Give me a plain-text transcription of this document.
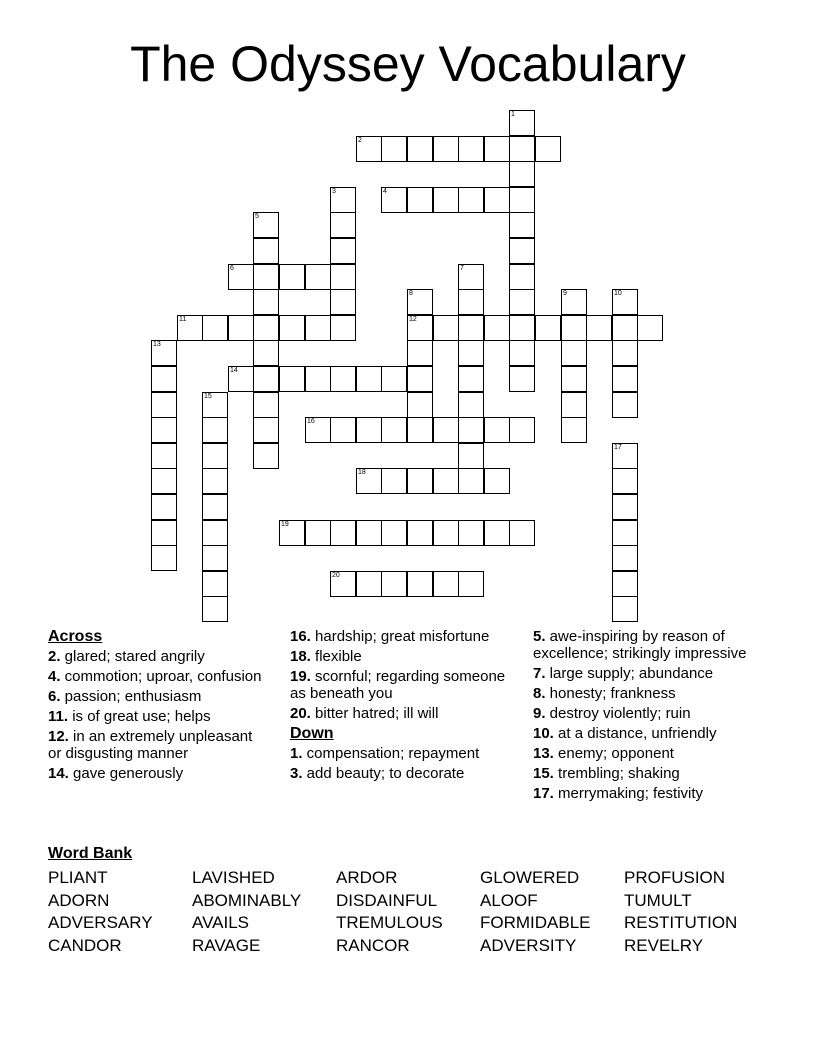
The Odyssey Vocabulary
1
2
3	4
5
6	7
8
12
9	10
11
13
14
15
16
17
18
19
20
Across
2. glared; stared angrily
4. commotion; uproar, confusion
6. passion; enthusiasm
11. is of great use; helps
12. in an extremely unpleasant or disgusting manner
14. gave generously
16. hardship; great misfortune
18. flexible
19. scornful; regarding someone as beneath you
20. bitter hatred; ill will
Down
1. compensation; repayment
3. add beauty; to decorate
5. awe-inspiring by reason of excellence; strikingly impressive
7. large supply; abundance
8. honesty; frankness
9. destroy violently; ruin
10. at a distance, unfriendly
13. enemy; opponent
15. trembling; shaking
17. merrymaking; festivity
Word Bank
PLIANT
ADORN
ADVERSARY
CANDOR
LAVISHED
ABOMINABLY
AVAILS
RAVAGE
ARDOR
DISDAINFUL
TREMULOUS
RANCOR
GLOWERED
ALOOF
FORMIDABLE
ADVERSITY
PROFUSION
TUMULT
RESTITUTION
REVELRY
